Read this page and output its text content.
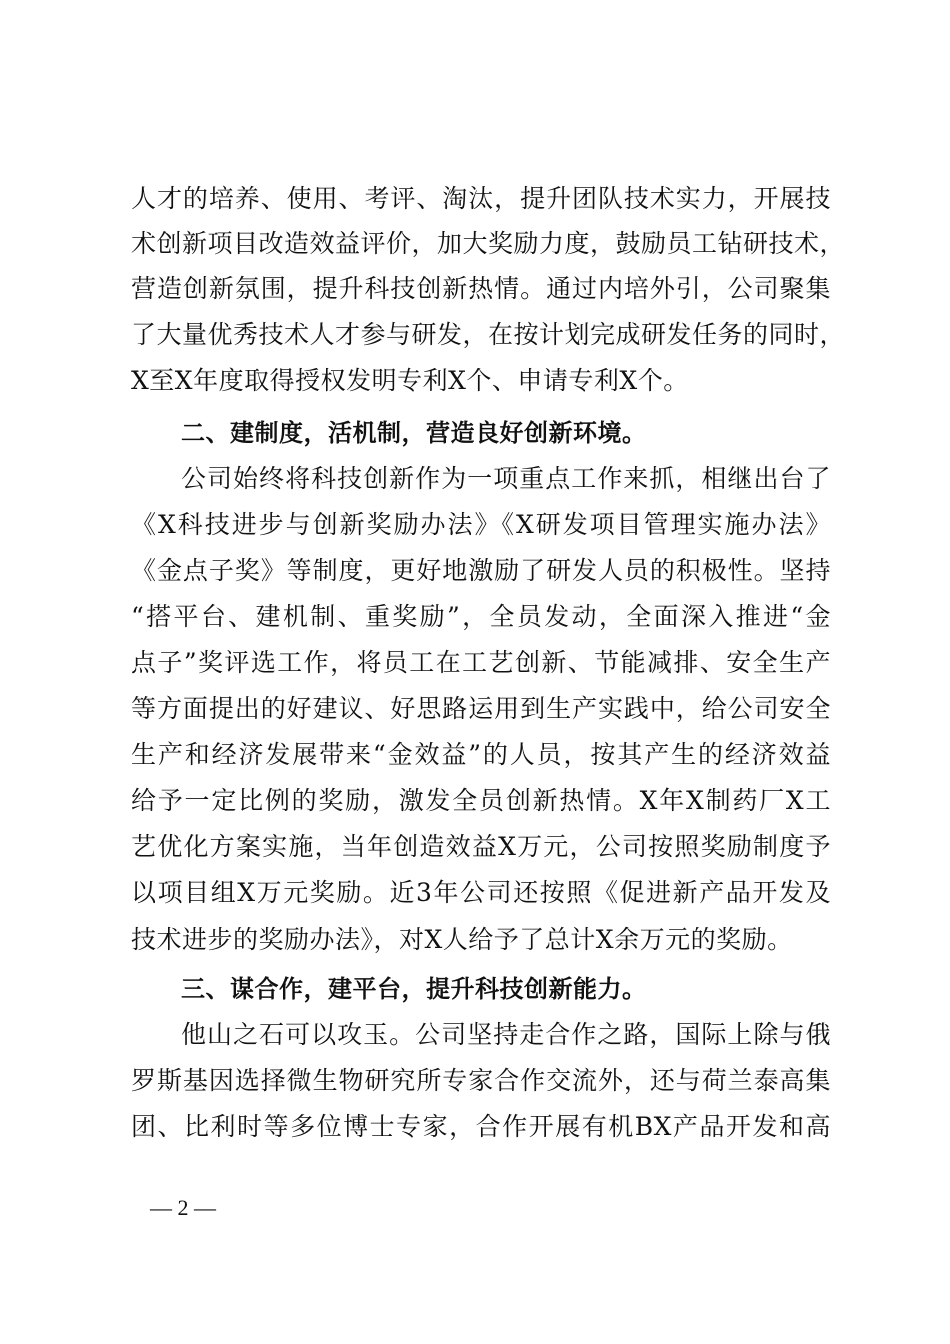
人才的培养、使用、考评、淘汰，提升团队技术实力，开展技
术创新项目改造效益评价，加大奖励力度，鼓励员工钻研技术，
营造创新氛围，提升科技创新热情。通过内培外引，公司聚集
了大量优秀技术人才参与研发，在按计划完成研发任务的同时，
X至X年度取得授权发明专利X个、申请专利X个。
二、建制度，活机制，营造良好创新环境。
公司始终将科技创新作为一项重点工作来抓，相继出台了
《X科技进步与创新奖励办法》《X研发项目管理实施办法》
《金点子奖》等制度，更好地激励了研发人员的积极性。坚持
“搭平台、建机制、重奖励”，全员发动，全面深入推进“金
点子”奖评选工作，将员工在工艺创新、节能减排、安全生产
等方面提出的好建议、好思路运用到生产实践中，给公司安全
生产和经济发展带来“金效益”的人员，按其产生的经济效益
给予一定比例的奖励，激发全员创新热情。X年X制药厂X工
艺优化方案实施，当年创造效益X万元，公司按照奖励制度予
以项目组X万元奖励。近3年公司还按照《促进新产品开发及
技术进步的奖励办法》，对X人给予了总计X余万元的奖励。
三、谋合作，建平台，提升科技创新能力。
他山之石可以攻玉。公司坚持走合作之路，国际上除与俄
罗斯基因选择微生物研究所专家合作交流外，还与荷兰泰高集
团、比利时等多位博士专家，合作开展有机BX产品开发和高
— 2 —
